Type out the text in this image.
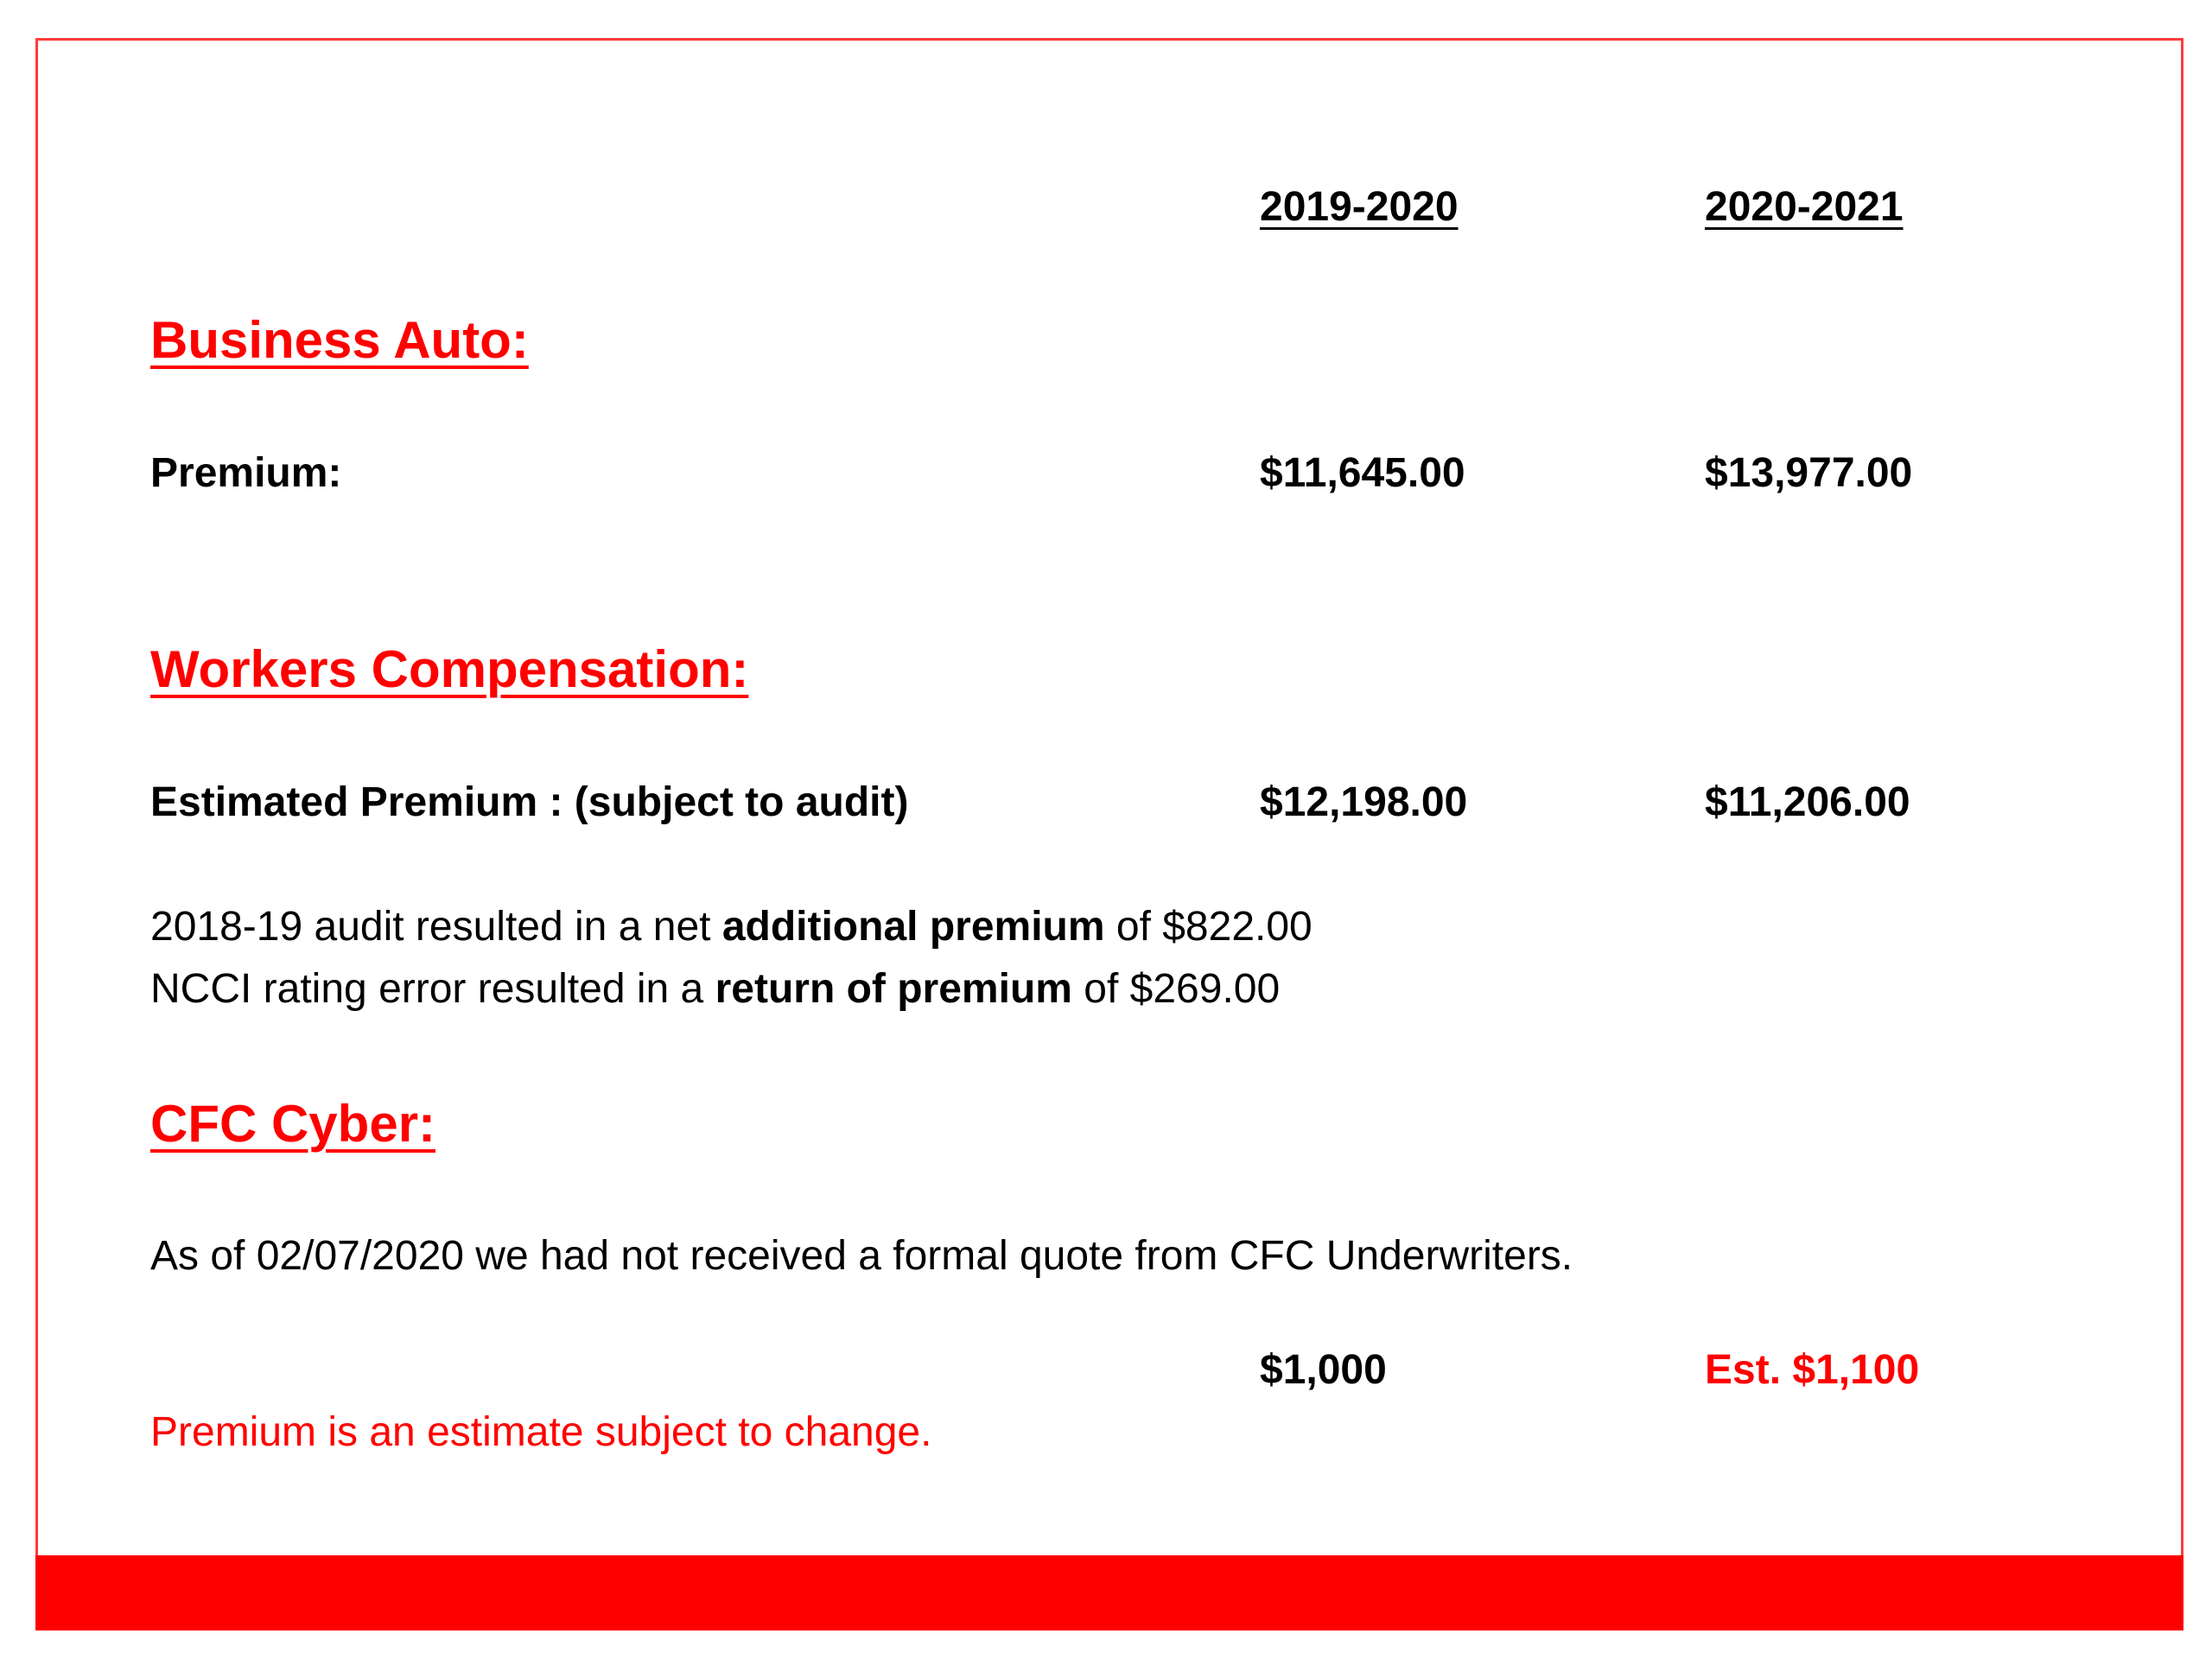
2019-2020	2020-2021
Business Auto:
Premium:	$11,645.00	$13,977.00
Workers Compensation:
Estimated Premium : (subject to audit)	$12,198.00	$11,206.00
2018-19 audit resulted in a net additional premium of $822.00
NCCI rating error resulted in a return of premium of $269.00
CFC Cyber:
As of 02/07/2020 we had not received a formal quote from CFC Underwriters.
$1,000	Est. $1,100
Premium is an estimate subject to change.
